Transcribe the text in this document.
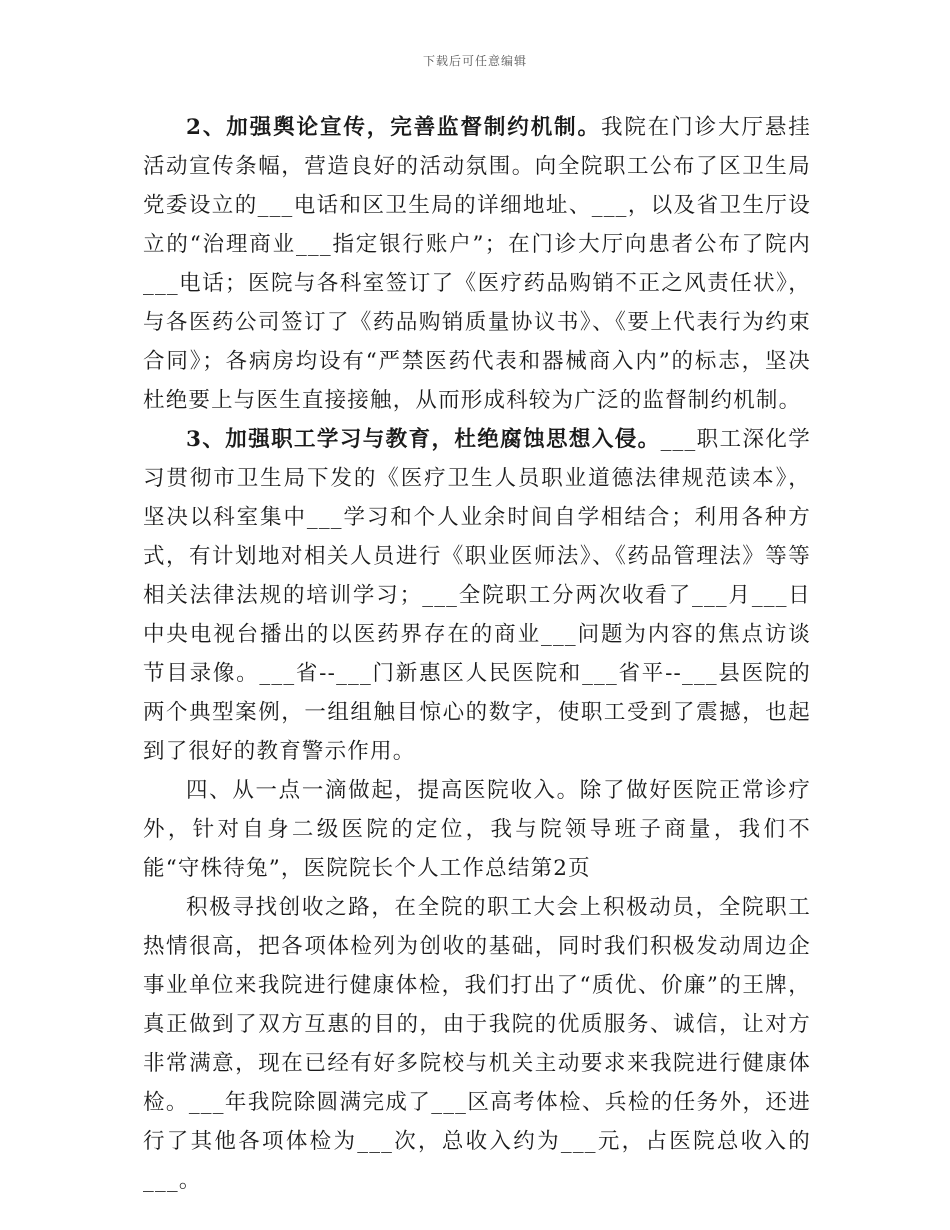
下载后可任意编辑

2、加强舆论宣传，完善监督制约机制。我院在门诊大厅悬挂活动宣传条幅，营造良好的活动氛围。向全院职工公布了区卫生局党委设立的___电话和区卫生局的详细地址、___，以及省卫生厅设立的“治理商业___指定银行账户”；在门诊大厅向患者公布了院内___电话；医院与各科室签订了《医疗药品购销不正之风责任状》，与各医药公司签订了《药品购销质量协议书》、《要上代表行为约束合同》；各病房均设有“严禁医药代表和器械商入内”的标志，坚决杜绝要上与医生直接接触，从而形成科较为广泛的监督制约机制。

3、加强职工学习与教育，杜绝腐蚀思想入侵。___职工深化学习贯彻市卫生局下发的《医疗卫生人员职业道德法律规范读本》，坚决以科室集中___学习和个人业余时间自学相结合；利用各种方式，有计划地对相关人员进行《职业医师法》、《药品管理法》等等相关法律法规的培训学习；___全院职工分两次收看了___月___日中央电视台播出的以医药界存在的商业___问题为内容的焦点访谈节目录像。___省--___门新惠区人民医院和___省平--___县医院的两个典型案例，一组组触目惊心的数字，使职工受到了震撼，也起到了很好的教育警示作用。

四、从一点一滴做起，提高医院收入。除了做好医院正常诊疗外，针对自身二级医院的定位，我与院领导班子商量，我们不能“守株待兔”，医院院长个人工作总结第2页

积极寻找创收之路，在全院的职工大会上积极动员，全院职工热情很高，把各项体检列为创收的基础，同时我们积极发动周边企事业单位来我院进行健康体检，我们打出了“质优、价廉”的王牌，真正做到了双方互惠的目的，由于我院的优质服务、诚信，让对方非常满意，现在已经有好多院校与机关主动要求来我院进行健康体检。___年我院除圆满完成了___区高考体检、兵检的任务外，还进行了其他各项体检为___次，总收入约为___元，占医院总收入的___。
